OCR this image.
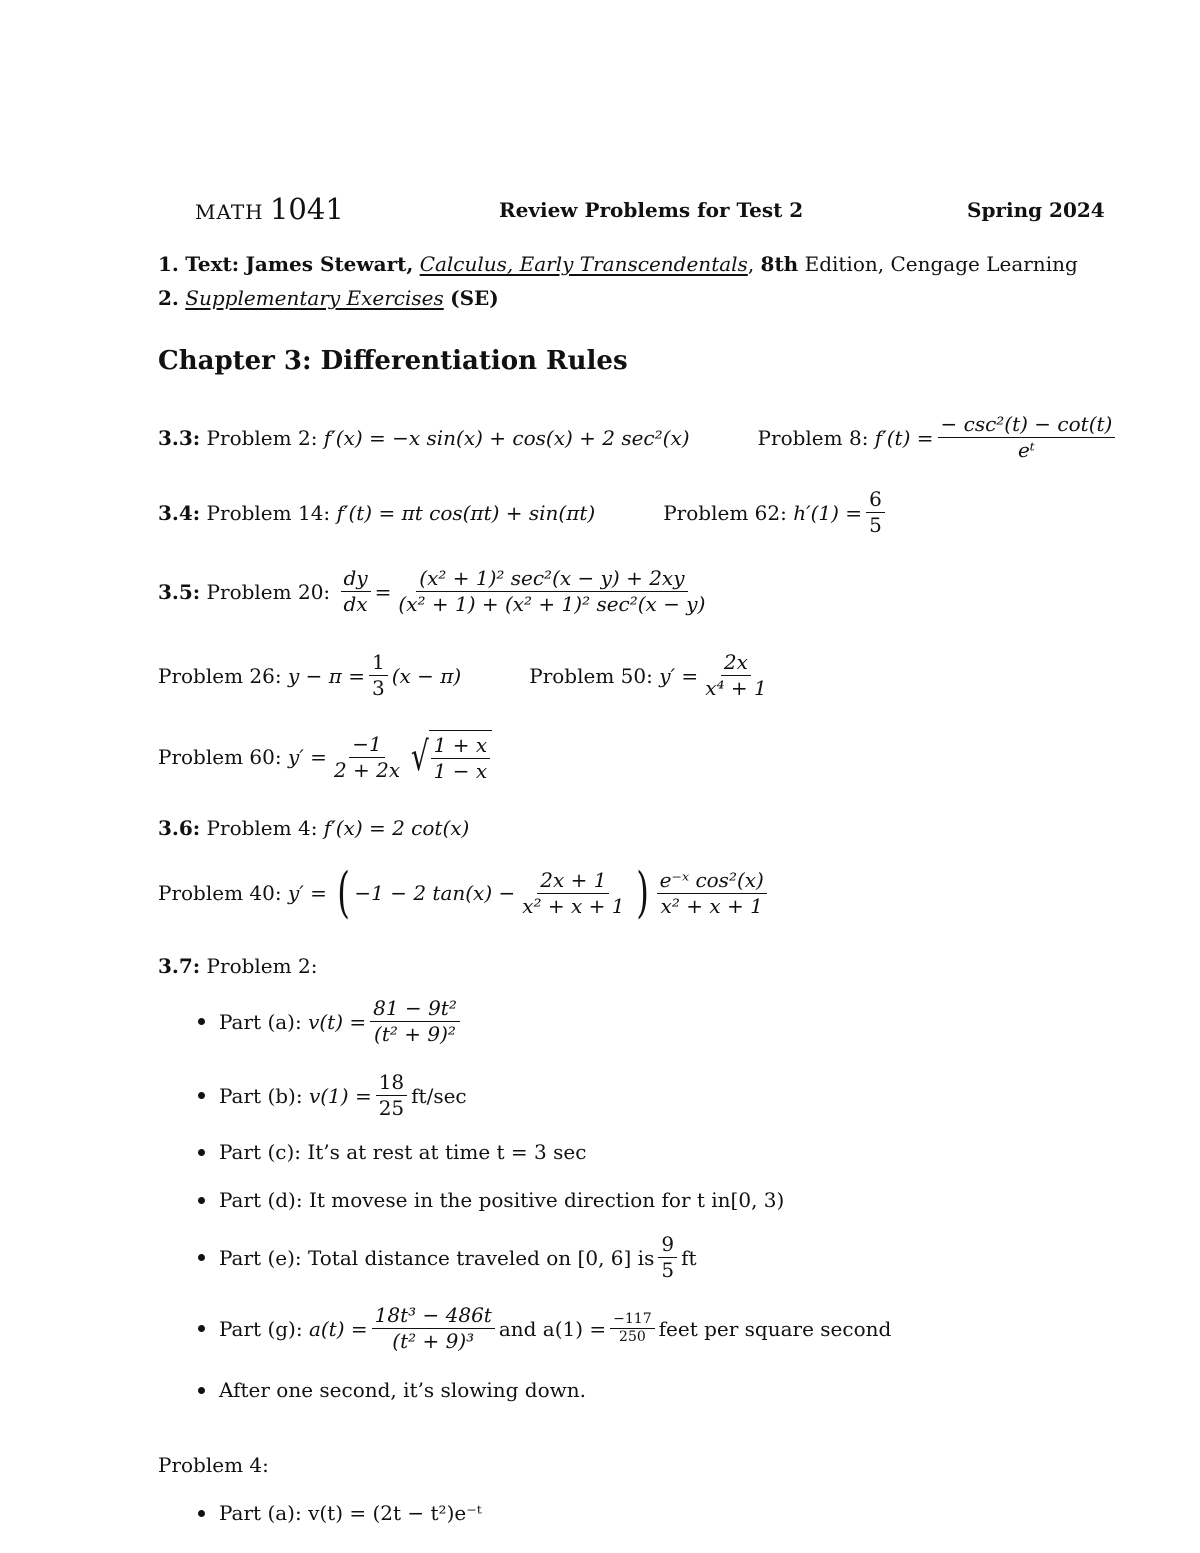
MATH 1041	Review Problems for Test 2	Spring 2024
1.
Text:
James Stewart,
Calculus, Early Transcendentals , 8th
Edition, Cengage Learning
2.
Supplementary Exercises
(SE)
Chapter 3: Differentiation Rules
3.3:
Problem 2:
f′(x) = −x sin(x) + cos(x) + 2 sec²(x)	Problem 8:
$f'(t) = \frac{\text{− csc²(t) − cot(t)}}{\text{eᵗ}}$
3.4:
Problem 14:
f′(t) = πt cos(πt) + sin(πt)	Problem 62:
$h'(1) = \frac{6}{5}$
3.5:
Problem 20:
$\frac{dy}{dx} = \frac{\text{(x² + 1)² sec²(x − y) + 2xy}}{\text{(x² + 1) + (x² + 1)² sec²(x − y)}}$
Problem 26:
$y - \pi = \frac{1}{3} (x - \pi)$	Problem 50:
$y' = \frac{2x}{\text{x⁴ + 1}}$
Problem 60:
$y' = \frac{-1}{2 + 2x}$ √ $\frac{1 + x}{1 - x}$
3.6:
Problem 4:
f′(x) = 2 cot(x)
Problem 40:
y′ =
( −1 − 2 $\tan(x) - \frac{2x + 1}{\text{x² + x + 1}}$ ) $\frac{\text{e⁻ˣ cos²(x)}}{\text{x² + x + 1}}$
3.7:
Problem 2:
Part (a):
$v(t) = \frac{\text{81 − 9t²}}{\text{(t² + 9)²}}$
Part (b):
$v(1) = \frac{18}{25} ft/\sec$
Part (c): It’s at rest at time t = 3 sec
Part (d): It movese in the positive direction for t in[0, 3)
Part (e): Total distance traveled on [0, 6] is $\frac{9}{5}$ ft
Part (g):
$a(t) = \frac{\text{18t³ − 486t}}{\text{(t² + 9)³}}$ and $a(1) = \frac{-117}{250}$ feet per square second
After one second, it’s slowing down.
Problem 4:
Part (a): v(t) = (2t − t²)e⁻ᵗ
